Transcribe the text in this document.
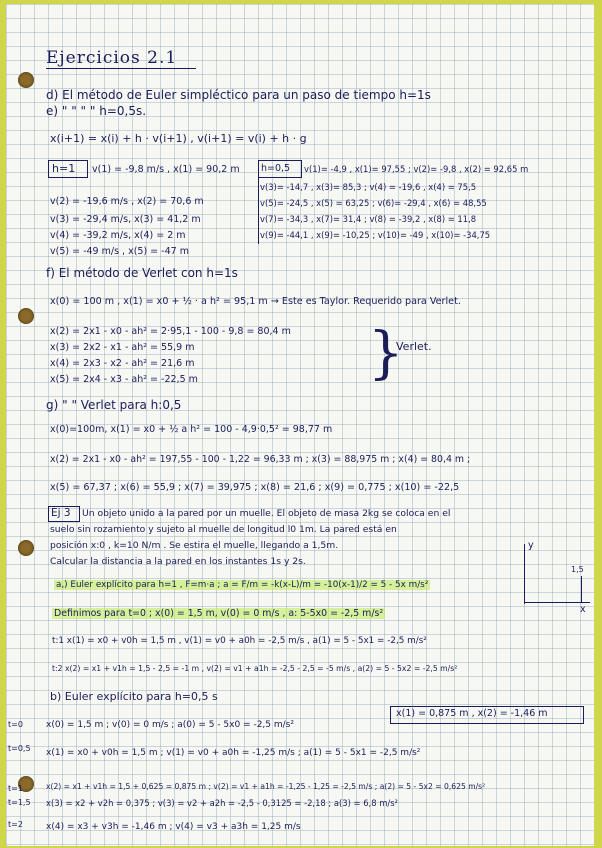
Ejercicios 2.1
d) El método de Euler simpléctico para un paso de tiempo h=1s
e) " " " " h=0,5s.
x(i+1) = x(i) + h · v(i+1) , v(i+1) = v(i) + h · g
h=1 v(1) = -9,8 m/s , x(1) = 90,2 m
v(2) = -19,6 m/s , x(2) = 70,6 m
v(3) = -29,4 m/s, x(3) = 41,2 m
v(4) = -39,2 m/s, x(4) = 2 m
v(5) = -49 m/s , x(5) = -47 m
h=0,5 v(1)= -4,9 , x(1)= 97,55 ; v(2)= -9,8 , x(2) = 92,65 m
v(3)= -14,7 , x(3)= 85,3 ; v(4) = -19,6 , x(4) = 75,5
v(5)= -24,5 , x(5) = 63,25 ; v(6)= -29,4 , x(6) = 48,55
v(7)= -34,3 , x(7)= 31,4 ; v(8) = -39,2 , x(8) = 11,8
v(9)= -44,1 , x(9)= -10,25 ; v(10)= -49 , x(10)= -34,75
f) El método de Verlet con h=1s
x(0) = 100 m , x(1) = x0 + ½ · a h² = 95,1 m → Este es Taylor. Requerido para Verlet.
x(2) = 2x1 - x0 - ah² = 2·95,1 - 100 - 9,8 = 80,4 m
x(3) = 2x2 - x1 - ah² = 55,9 m
x(4) = 2x3 - x2 - ah² = 21,6 m
x(5) = 2x4 - x3 - ah² = -22,5 m	}
Verlet.
g) " " Verlet para h:0,5
x(0)=100m, x(1) = x0 + ½ a h² = 100 - 4,9·0,5² = 98,77 m
x(2) = 2x1 - x0 - ah² = 197,55 - 100 - 1,22 = 96,33 m ; x(3) = 88,975 m ; x(4) = 80,4 m ;
x(5) = 67,37 ; x(6) = 55,9 ; x(7) = 39,975 ; x(8) = 21,6 ; x(9) = 0,775 ; x(10) = -22,5
Ej 3 Un objeto unido a la pared por un muelle. El objeto de masa 2kg se coloca en el
suelo sin rozamiento y sujeto al muelle de longitud l0 1m. La pared está en
posición x:0 , k=10 N/m . Se estira el muelle, llegando a 1,5m.
Calcular la distancia a la pared en los instantes 1s y 2s.
a,) Euler explícito para h=1 , F=m·a ; a = F/m = -k(x-L)/m = -10(x-1)/2 = 5 - 5x m/s²
y
x
1,5
Definimos para t=0 ; x(0) = 1,5 m, v(0) = 0 m/s , a: 5-5x0 = -2,5 m/s²
t:1 x(1) = x0 + v0h = 1,5 m , v(1) = v0 + a0h = -2,5 m/s , a(1) = 5 - 5x1 = -2,5 m/s²
t:2 x(2) = x1 + v1h = 1,5 - 2,5 = -1 m , v(2) = v1 + a1h = -2,5 - 2,5 = -5 m/s , a(2) = 5 - 5x2 = -2,5 m/s²
b) Euler explícito para h=0,5 s
x(1) = 0,875 m , x(2) = -1,46 m
t=0
t=0,5
t=1
t=1,5
t=2
x(0) = 1,5 m ; v(0) = 0 m/s ; a(0) = 5 - 5x0 = -2,5 m/s²
x(1) = x0 + v0h = 1,5 m ; v(1) = v0 + a0h = -1,25 m/s ; a(1) = 5 - 5x1 = -2,5 m/s²
x(2) = x1 + v1h = 1,5 + 0,625 = 0,875 m ; v(2) = v1 + a1h = -1,25 - 1,25 = -2,5 m/s ; a(2) = 5 - 5x2 = 0,625 m/s²
x(3) = x2 + v2h = 0,375 ; v(3) = v2 + a2h = -2,5 - 0,3125 = -2,18 ; a(3) = 6,8 m/s²
x(4) = x3 + v3h = -1,46 m ; v(4) = v3 + a3h = 1,25 m/s
